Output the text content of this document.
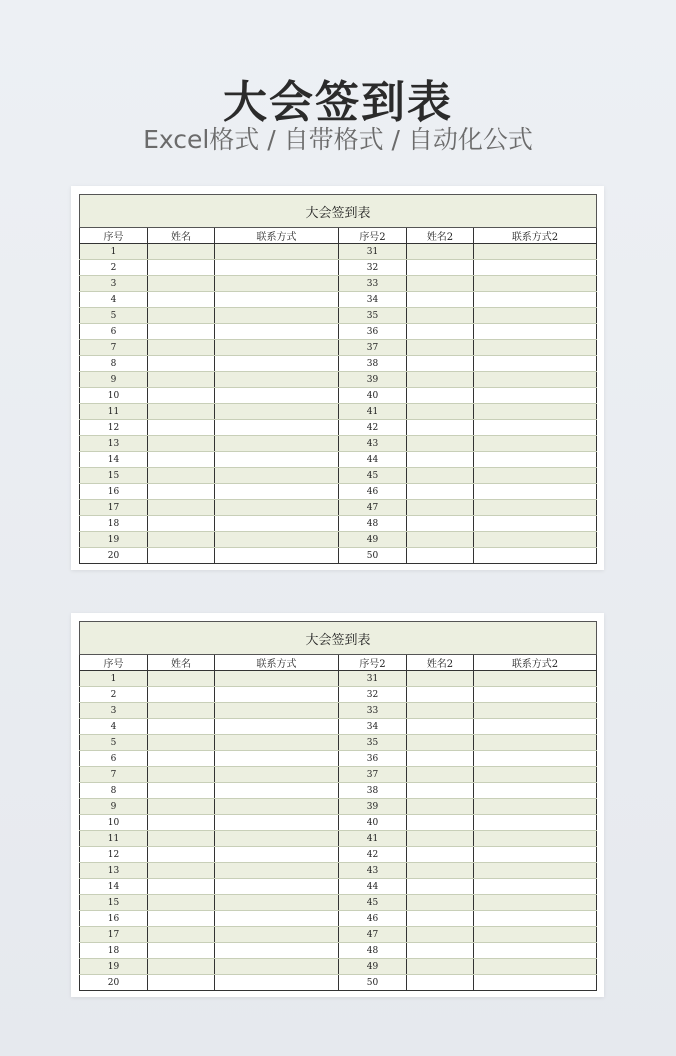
大会签到表
Excel格式 / 自带格式 / 自动化公式
大会签到表					
序号	姓名	联系方式	序号2	姓名2	联系方式2
1			31		
2			32		
3			33		
4			34		
5			35		
6			36		
7			37		
8			38		
9			39		
10			40		
11			41		
12			42		
13			43		
14			44		
15			45		
16			46		
17			47		
18			48		
19			49		
20			50		
大会签到表					
序号	姓名	联系方式	序号2	姓名2	联系方式2
1			31		
2			32		
3			33		
4			34		
5			35		
6			36		
7			37		
8			38		
9			39		
10			40		
11			41		
12			42		
13			43		
14			44		
15			45		
16			46		
17			47		
18			48		
19			49		
20			50		
